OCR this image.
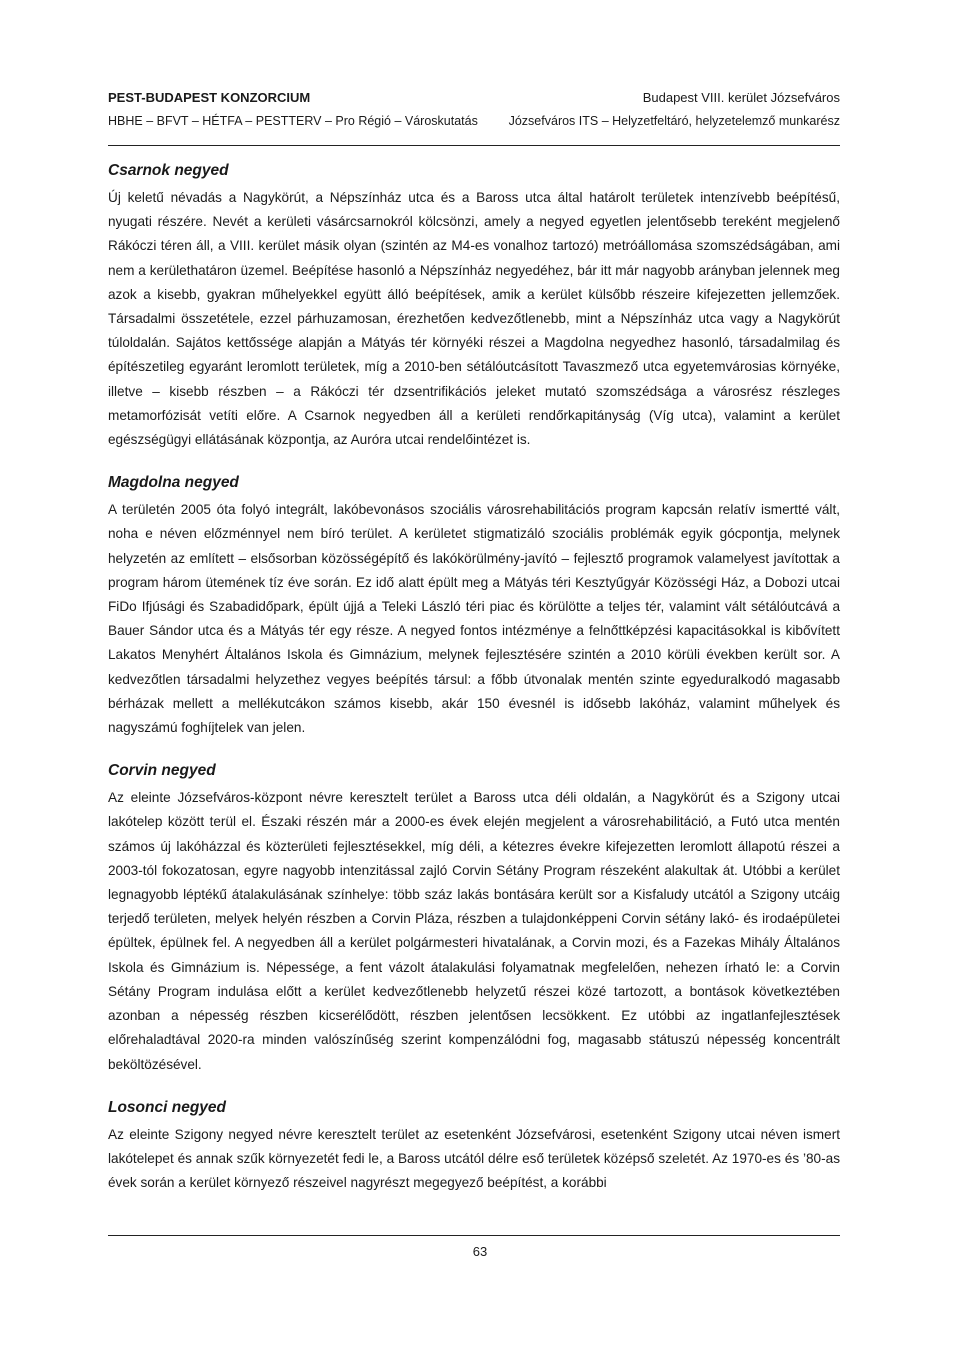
PEST-BUDAPEST KONZORCIUM	Budapest VIII. kerület Józsefváros
HBHE – BFVT – HÉTFA – PESTTERV – Pro Régió – Városkutatás Józsefváros ITS – Helyzetfeltáró, helyzetelemző munkarész
Csarnok negyed

Új keletű névadás a Nagykörút, a Népszínház utca és a Baross utca által határolt területek intenzívebb beépítésű, nyugati részére. Nevét a kerületi vásárcsarnokról kölcsönzi, amely a negyed egyetlen jelentősebb tereként megjelenő Rákóczi téren áll, a VIII. kerület másik olyan (szintén az M4-es vonalhoz tartozó) metróállomása szomszédságában, ami nem a kerülethatáron üzemel. Beépítése hasonló a Népszínház negyedéhez, bár itt már nagyobb arányban jelennek meg azok a kisebb, gyakran műhelyekkel együtt álló beépítések, amik a kerület külsőbb részeire kifejezetten jellemzőek. Társadalmi összetétele, ezzel párhuzamosan, érezhetően kedvezőtlenebb, mint a Népszínház utca vagy a Nagykörút túloldalán. Sajátos kettőssége alapján a Mátyás tér környéki részei a Magdolna negyedhez hasonló, társadalmilag és építészetileg egyaránt leromlott területek, míg a 2010-ben sétálóutcásított Tavaszmező utca egyetemvárosias környéke, illetve – kisebb részben – a Rákóczi tér dzsentrifikációs jeleket mutató szomszédsága a városrész részleges metamorfózisát vetíti előre. A Csarnok negyedben áll a kerületi rendőrkapitányság (Víg utca), valamint a kerület egészségügyi ellátásának központja, az Auróra utcai rendelőintézet is.

Magdolna negyed

A területén 2005 óta folyó integrált, lakóbevonásos szociális városrehabilitációs program kapcsán relatív ismertté vált, noha e néven előzménnyel nem bíró terület. A kerületet stigmatizáló szociális problémák egyik gócpontja, melynek helyzetén az említett – elsősorban közösségépítő és lakókörülmény-javító – fejlesztő programok valamelyest javítottak a program három ütemének tíz éve során. Ez idő alatt épült meg a Mátyás téri Kesztyűgyár Közösségi Ház, a Dobozi utcai FiDo Ifjúsági és Szabadidőpark, épült újjá a Teleki László téri piac és körülötte a teljes tér, valamint vált sétálóutcává a Bauer Sándor utca és a Mátyás tér egy része. A negyed fontos intézménye a felnőttképzési kapacitásokkal is kibővített Lakatos Menyhért Általános Iskola és Gimnázium, melynek fejlesztésére szintén a 2010 körüli években került sor. A kedvezőtlen társadalmi helyzethez vegyes beépítés társul: a főbb útvonalak mentén szinte egyeduralkodó magasabb bérházak mellett a mellékutcákon számos kisebb, akár 150 évesnél is idősebb lakóház, valamint műhelyek és nagyszámú foghíjtelek van jelen.

Corvin negyed

Az eleinte Józsefváros-központ névre keresztelt terület a Baross utca déli oldalán, a Nagykörút és a Szigony utcai lakótelep között terül el. Északi részén már a 2000-es évek elején megjelent a városrehabilitáció, a Futó utca mentén számos új lakóházzal és közterületi fejlesztésekkel, míg déli, a kétezres évekre kifejezetten leromlott állapotú részei a 2003-tól fokozatosan, egyre nagyobb intenzitással zajló Corvin Sétány Program részeként alakultak át. Utóbbi a kerület legnagyobb léptékű átalakulásának színhelye: több száz lakás bontására került sor a Kisfaludy utcától a Szigony utcáig terjedő területen, melyek helyén részben a Corvin Pláza, részben a tulajdonképpeni Corvin sétány lakó- és irodaépületei épültek, épülnek fel. A negyedben áll a kerület polgármesteri hivatalának, a Corvin mozi, és a Fazekas Mihály Általános Iskola és Gimnázium is. Népessége, a fent vázolt átalakulási folyamatnak megfelelően, nehezen írható le: a Corvin Sétány Program indulása előtt a kerület kedvezőtlenebb helyzetű részei közé tartozott, a bontások következtében azonban a népesség részben kicserélődött, részben jelentősen lecsökkent. Ez utóbbi az ingatlanfejlesztések előrehaladtával 2020-ra minden valószínűség szerint kompenzálódni fog, magasabb státuszú népesség koncentrált beköltözésével.

Losonci negyed

Az eleinte Szigony negyed névre keresztelt terület az esetenként Józsefvárosi, esetenként Szigony utcai néven ismert lakótelepet és annak szűk környezetét fedi le, a Baross utcától délre eső területek középső szeletét. Az 1970-es és ’80-as évek során a kerület környező részeivel nagyrészt megegyező beépítést, a korábbi

63
